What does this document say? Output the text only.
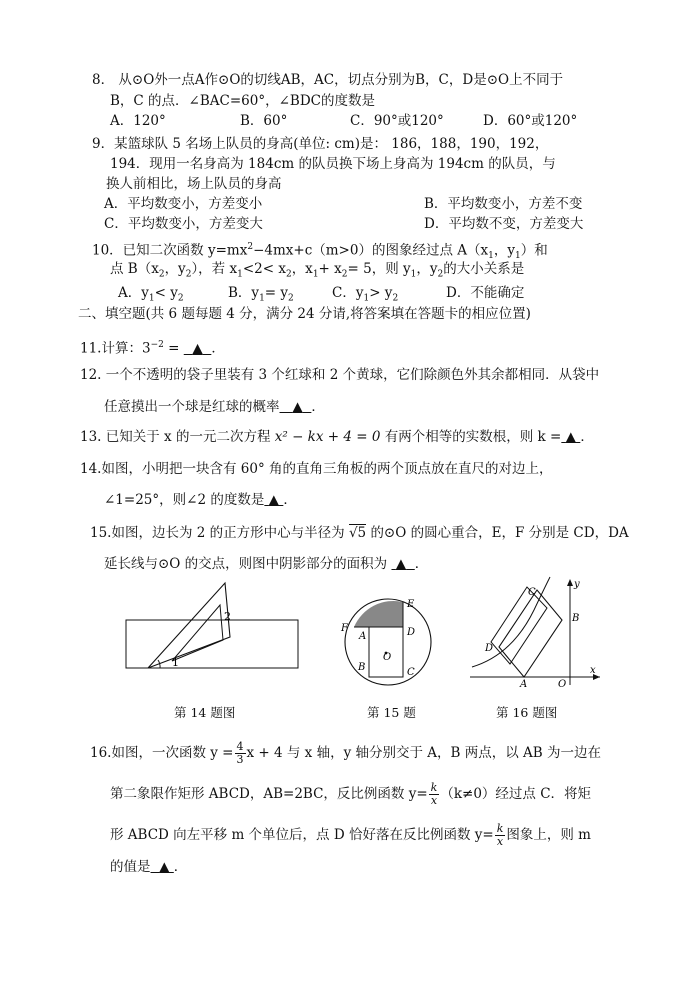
8． 从⊙O外一点A作⊙O的切线AB，AC，切点分别为B，C，D是⊙O上不同于
B，C 的点．∠BAC=60°，∠BDC的度数是
A．120°	B．60°	C．90°或120°	D．60°或120°
9．某篮球队 5 名场上队员的身高(单位: cm)是： 186，188，190，192，
194．现用一名身高为 184cm 的队员换下场上身高为 194cm 的队员，与
换人前相比，场上队员的身高
A．平均数变小，方差变小	B．平均数变小，方差不变
C．平均数变小，方差变大	D．平均数不变，方差变大
10．已知二次函数 $y=mx^2-4mx+c(m>0)$的图象经过点 $A(x_1$，$y_1$）和
点 $B(x_2$，$y_2$），若 $x_1<2< x_2$，$x_1+ x_2= 5$，则 $y_1$，$y_2$的大小关系是
A．$y_1< y_2$	B．$y_1= y_2$	C．$y_1> y_2$	D．不能确定
二、填空题(共 6 题每题 4 分，满分 24 分请,将答案填在答题卡的相应位置)
11.计算：$3^{-2}$ =   ▲ ．
12. 一个不透明的袋子里装有 3 个红球和 2 个黄球，它们除颜色外其余都相同．从袋中
任意摸出一个球是红球的概率 ▲ ．
13. 已知关于 x 的一元二次方程 x² − kx + 4 = 0 有两个相等的实数根，则 k = ▲ ．
14.如图，小明把一块含有 60° 角的直角三角板的两个顶点放在直尺的对边上，
∠1=25°，则∠2 的度数是 ▲ ．
15.如图，边长为 2 的正方形中心与半径为 √5 的⊙O 的圆心重合，E，F 分别是 CD，DA
延长线与⊙O 的交点，则图中阴影部分的面积为 ▲ ．
1
2
E
F
A	D
B	C
O
y
x
C
B
D
A	O
第 14 题图	第 15 题	第 16 题图
16.如图，一次函数 $y = \frac{4}{3}$ x + 4 与 x 轴，y 轴分别交于 A，B 两点，以 AB 为一边在
第二象限作矩形 ABCD，AB=2BC，反比例函数 $y= \frac{k}{x} (k\ne 0)$经过点 C．将矩
形 ABCD 向左平移 m 个单位后，点 D 恰好落在反比例函数 $y= \frac{k}{x}$ 图象上，则 m
的值是 ▲ ．
